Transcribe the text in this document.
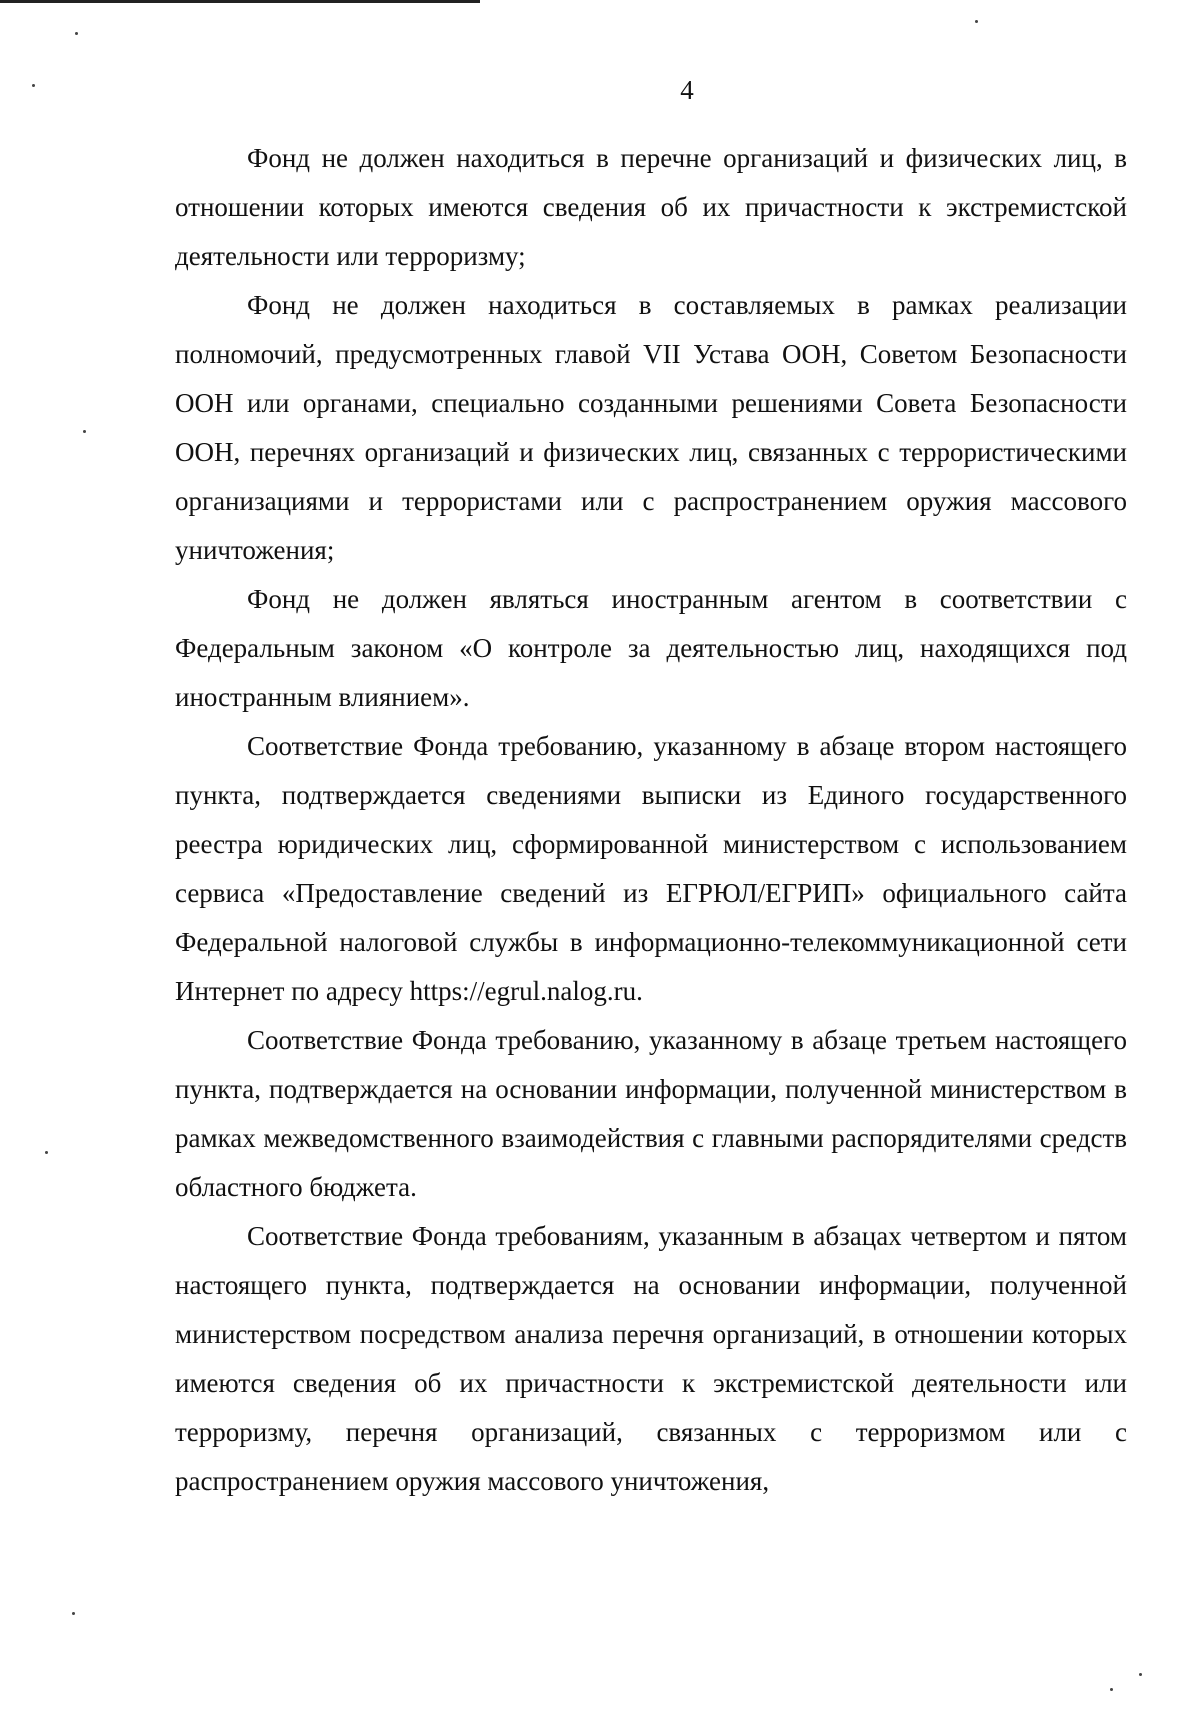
4

Фонд не должен находиться в перечне организаций и физических лиц, в отношении которых имеются сведения об их причастности к экстремистской деятельности или терроризму;

Фонд не должен находиться в составляемых в рамках реализации полномочий, предусмотренных главой VII Устава ООН, Советом Безопасности ООН или органами, специально созданными решениями Совета Безопасности ООН, перечнях организаций и физических лиц, связанных с террористическими организациями и террористами или с распространением оружия массового уничтожения;

Фонд не должен являться иностранным агентом в соответствии с Федеральным законом «О контроле за деятельностью лиц, находящихся под иностранным влиянием».

Соответствие Фонда требованию, указанному в абзаце втором настоящего пункта, подтверждается сведениями выписки из Единого государственного реестра юридических лиц, сформированной министерством с использованием сервиса «Предоставление сведений из ЕГРЮЛ/ЕГРИП» официального сайта Федеральной налоговой службы в информационно-телекоммуникационной сети Интернет по адресу https://egrul.nalog.ru.

Соответствие Фонда требованию, указанному в абзаце третьем настоящего пункта, подтверждается на основании информации, полученной министерством в рамках межведомственного взаимодействия с главными распорядителями средств областного бюджета.

Соответствие Фонда требованиям, указанным в абзацах четвертом и пятом настоящего пункта, подтверждается на основании информации, полученной министерством посредством анализа перечня организаций, в отношении которых имеются сведения об их причастности к экстремистской деятельности или терроризму, перечня организаций, связанных с терроризмом или с распространением оружия массового уничтожения,
